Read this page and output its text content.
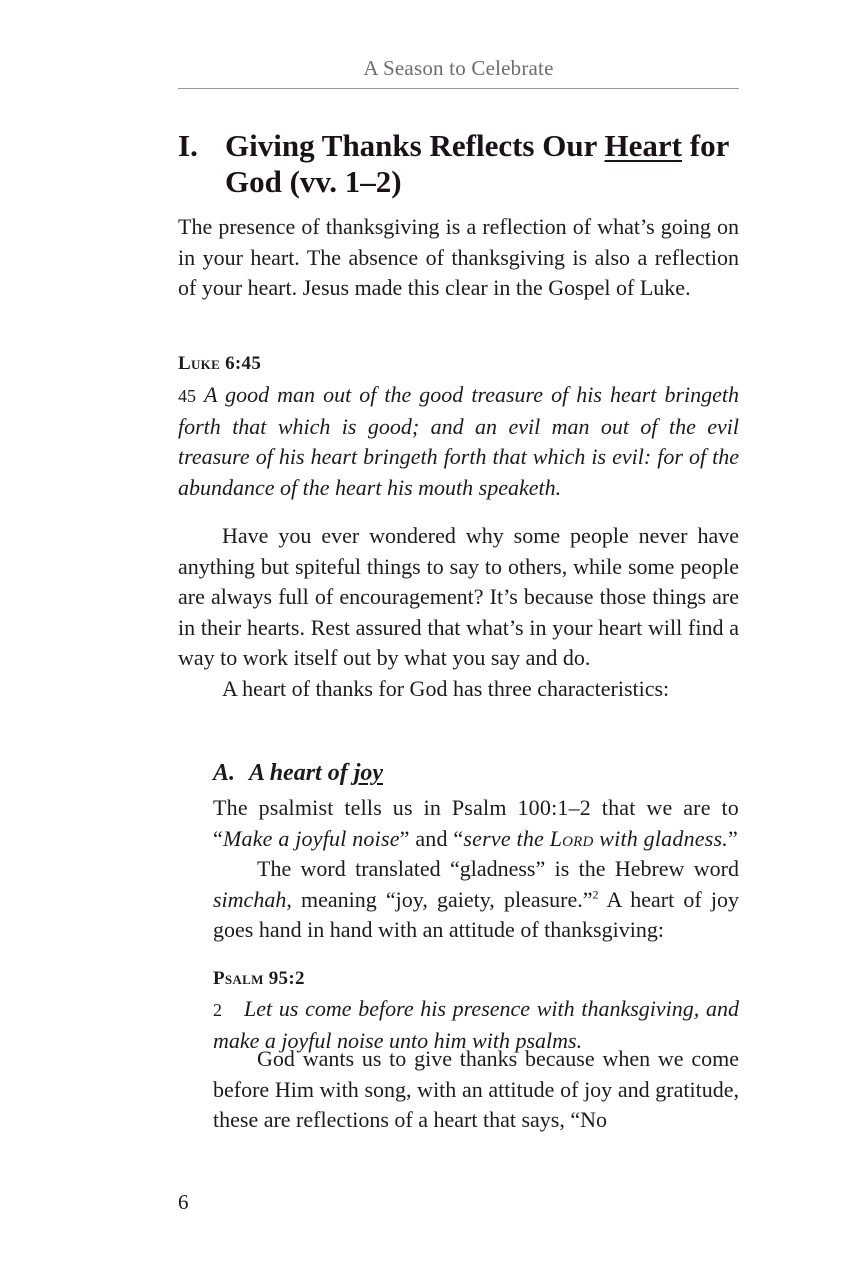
A Season to Celebrate
I. Giving Thanks Reflects Our Heart for God (vv. 1–2)

The presence of thanksgiving is a reflection of what’s going on in your heart. The absence of thanksgiving is also a reflection of your heart. Jesus made this clear in the Gospel of Luke.

Luke 6:45

45 A good man out of the good treasure of his heart bringeth forth that which is good; and an evil man out of the evil treasure of his heart bringeth forth that which is evil: for of the abundance of the heart his mouth speaketh.

Have you ever wondered why some people never have anything but spiteful things to say to others, while some people are always full of encouragement? It’s because those things are in their hearts. Rest assured that what’s in your heart will find a way to work itself out by what you say and do.

A heart of thanks for God has three characteristics:

A. A heart of joy

The psalmist tells us in Psalm 100:1–2 that we are to “Make a joyful noise” and “serve the Lord with gladness.”

The word translated “gladness” is the Hebrew word simchah, meaning “joy, gaiety, pleasure.”$^2$ A heart of joy goes hand in hand with an attitude of thanksgiving:

Psalm 95:2

2 Let us come before his presence with thanksgiving, and make a joyful noise unto him with psalms.

God wants us to give thanks because when we come before Him with song, with an attitude of joy and gratitude, these are reflections of a heart that says, “No

6
